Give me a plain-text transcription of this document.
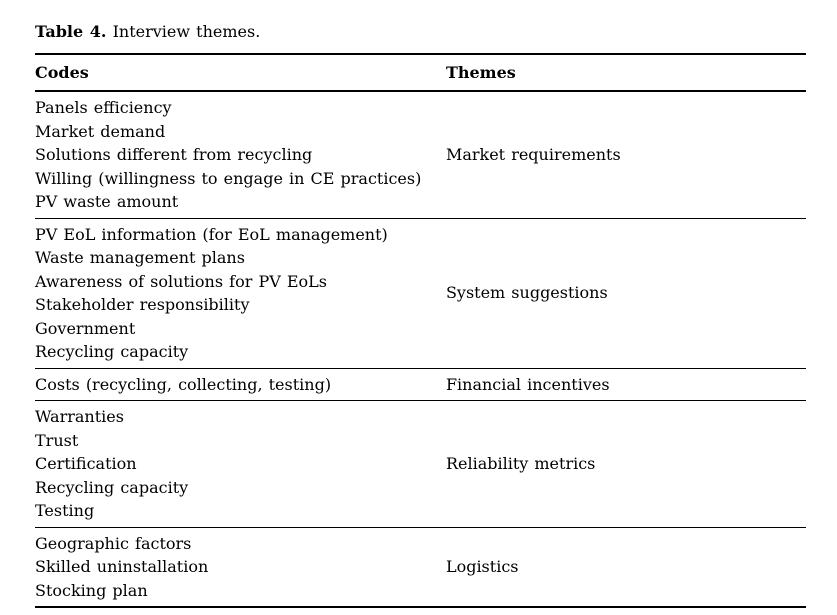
Table 4. Interview themes.
Codes	Themes

Panels efficiency
Market demand
Solutions different from recycling
Willing (willingness to engage in CE practices)
PV waste amount	Market requirements

PV EoL information (for EoL management)
Waste management plans
Awareness of solutions for PV EoLs
Stakeholder responsibility
Government
Recycling capacity
	System suggestions

Costs (recycling, collecting, testing)	Financial incentives

Warranties
Trust
Certification
Recycling capacity
Testing	Reliability metrics

Geographic factors
Skilled uninstallation
Stocking plan	Logistics
